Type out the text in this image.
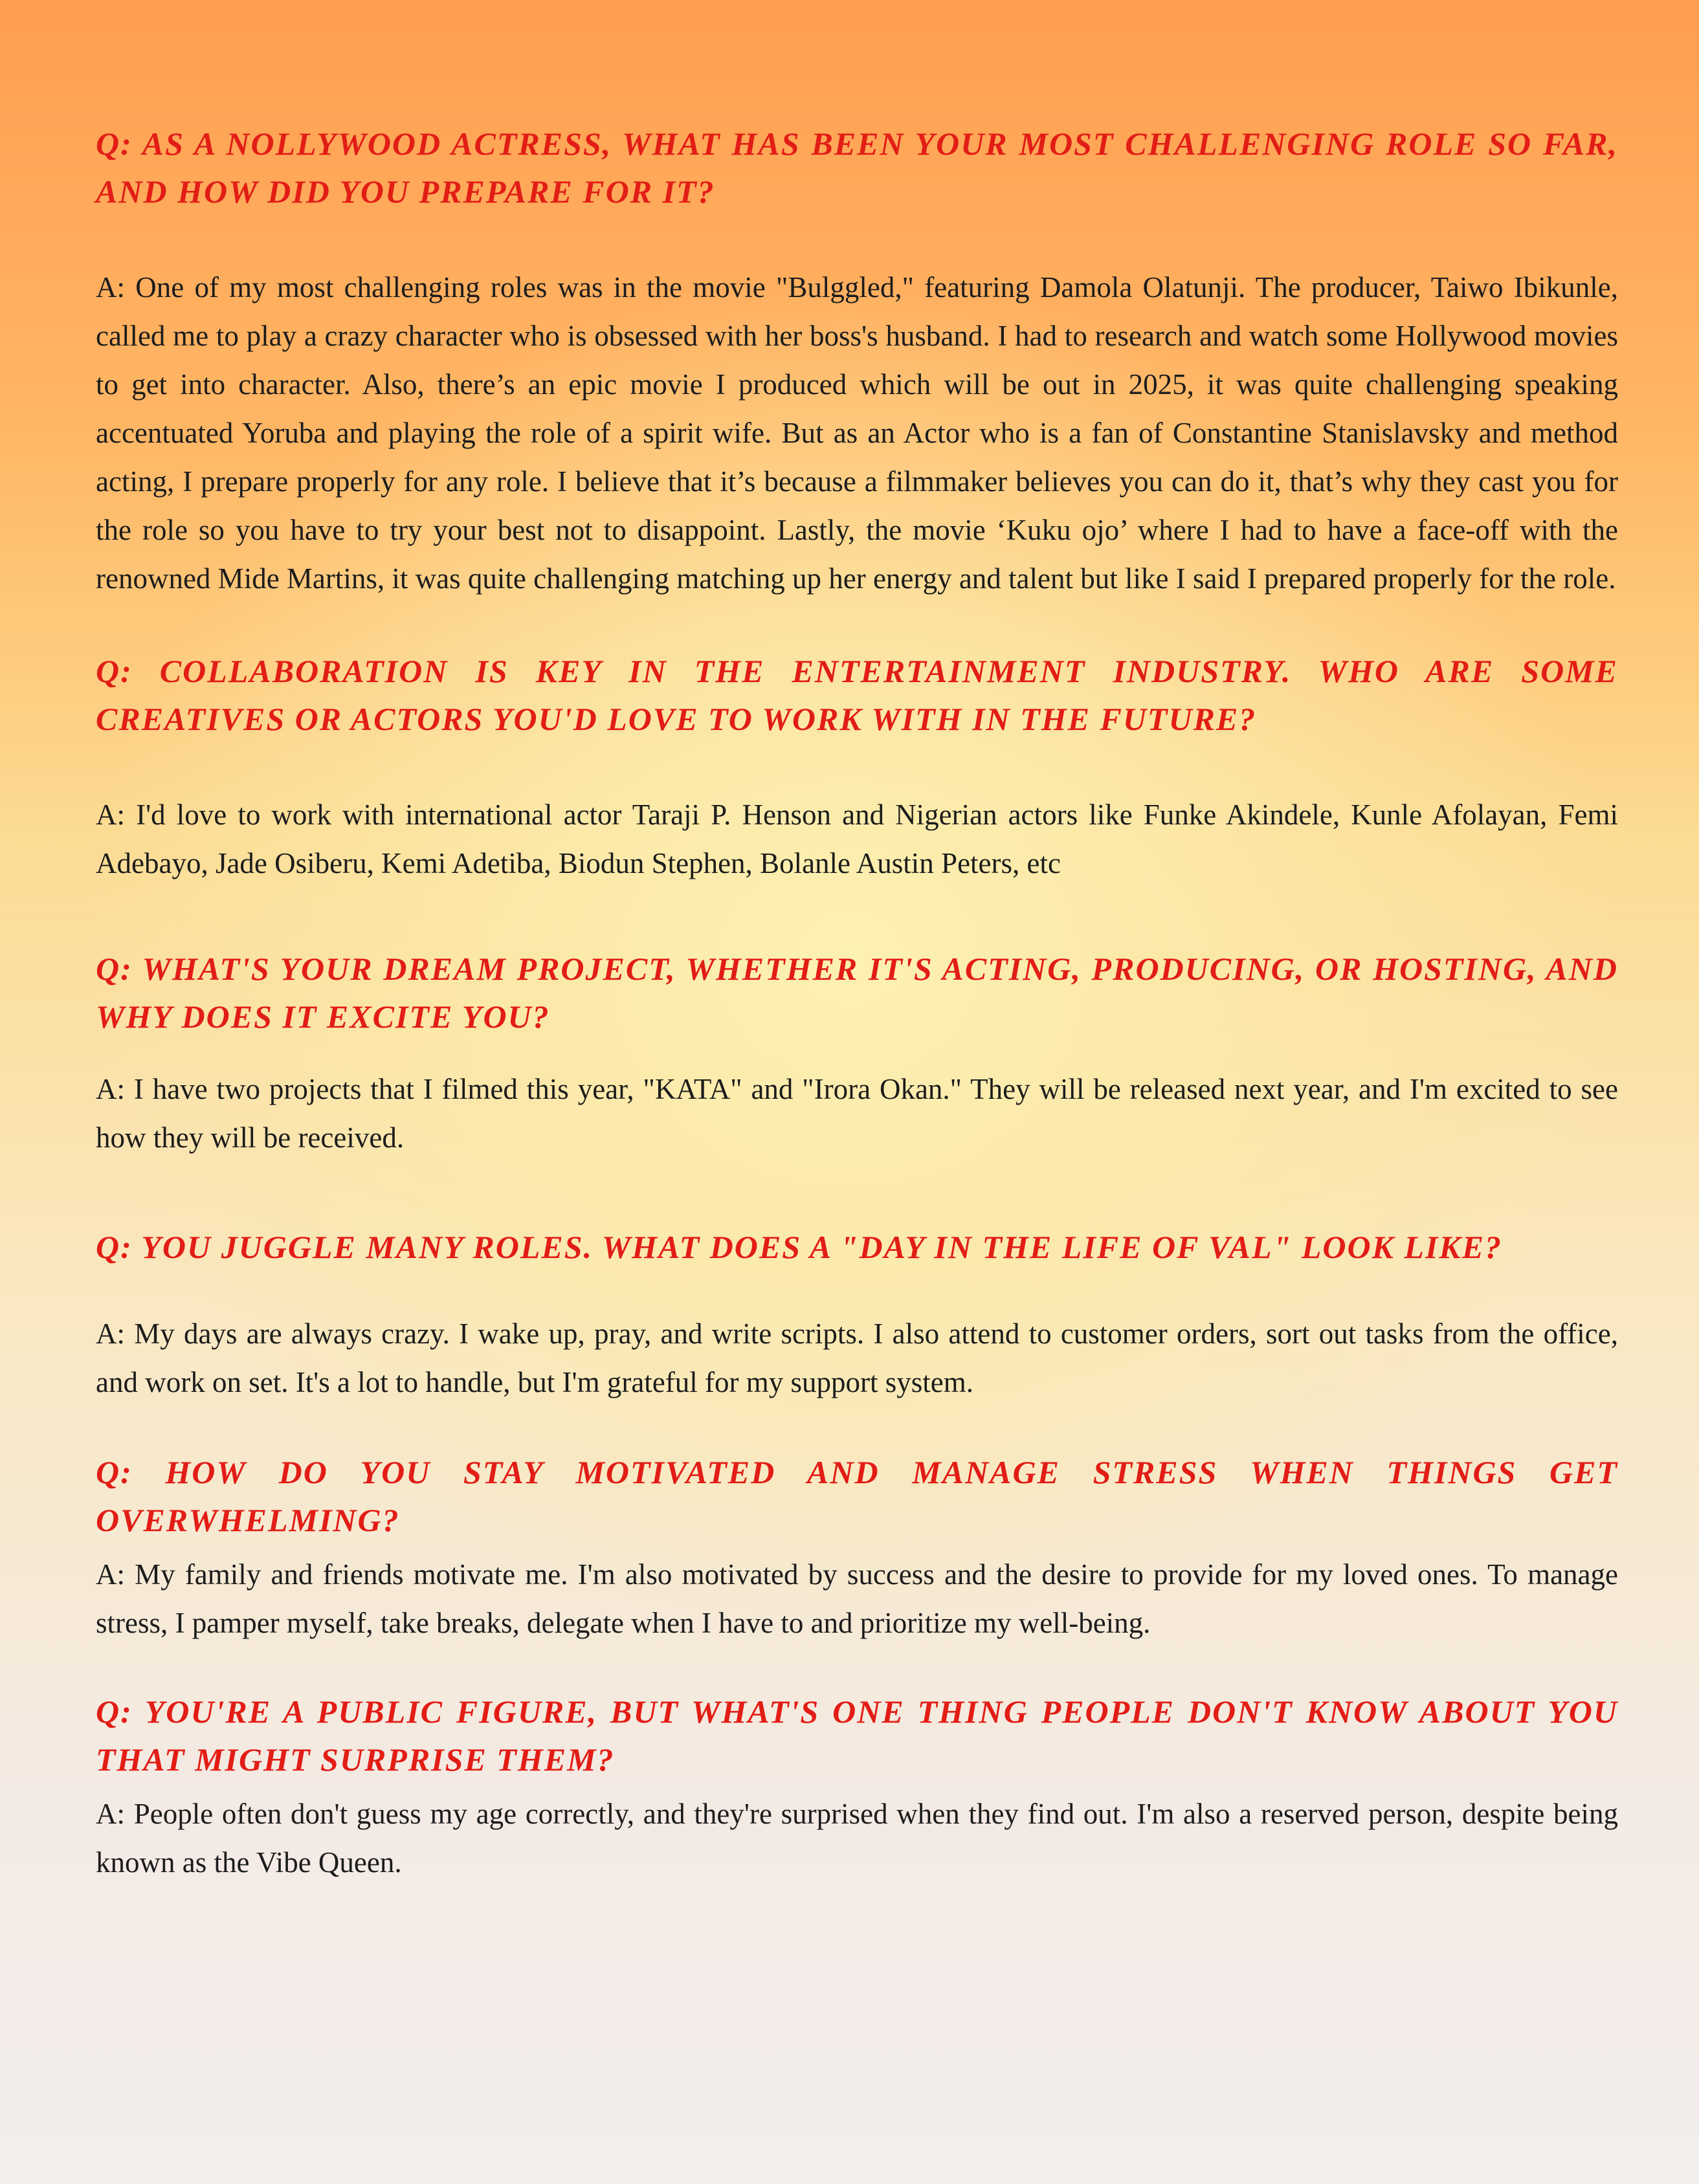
Q: AS A NOLLYWOOD ACTRESS, WHAT HAS BEEN YOUR MOST CHALLENGING ROLE SO FAR, AND HOW DID YOU PREPARE FOR IT?

A: One of my most challenging roles was in the movie "Bulggled," featuring Damola Olatunji. The producer, Taiwo Ibikunle, called me to play a crazy character who is obsessed with her boss's husband. I had to research and watch some Hollywood movies to get into character. Also, there’s an epic movie I produced which will be out in 2025, it was quite challenging speaking accentuated Yoruba and playing the role of a spirit wife. But as an Actor who is a fan of Constantine Stanislavsky and method acting, I prepare properly for any role. I believe that it’s because a filmmaker believes you can do it, that’s why they cast you for the role so you have to try your best not to disappoint. Lastly, the movie ‘Kuku ojo’ where I had to have a face-off with the renowned Mide Martins, it was quite challenging matching up her energy and talent but like I said I prepared properly for the role.

Q: COLLABORATION IS KEY IN THE ENTERTAINMENT INDUSTRY. WHO ARE SOME CREATIVES OR ACTORS YOU'D LOVE TO WORK WITH IN THE FUTURE?

A: I'd love to work with international actor Taraji P. Henson and Nigerian actors like Funke Akindele, Kunle Afolayan, Femi Adebayo, Jade Osiberu, Kemi Adetiba, Biodun Stephen, Bolanle Austin Peters, etc

Q: WHAT'S YOUR DREAM PROJECT, WHETHER IT'S ACTING, PRODUCING, OR HOSTING, AND WHY DOES IT EXCITE YOU?

A: I have two projects that I filmed this year, "KATA" and "Irora Okan." They will be released next year, and I'm excited to see how they will be received.

Q: YOU JUGGLE MANY ROLES. WHAT DOES A "DAY IN THE LIFE OF VAL" LOOK LIKE?

A: My days are always crazy. I wake up, pray, and write scripts. I also attend to customer orders, sort out tasks from the office, and work on set. It's a lot to handle, but I'm grateful for my support system.

Q: HOW DO YOU STAY MOTIVATED AND MANAGE STRESS WHEN THINGS GET OVERWHELMING?

A: My family and friends motivate me. I'm also motivated by success and the desire to provide for my loved ones. To manage stress, I pamper myself, take breaks, delegate when I have to and prioritize my well-being.

Q: YOU'RE A PUBLIC FIGURE, BUT WHAT'S ONE THING PEOPLE DON'T KNOW ABOUT YOU THAT MIGHT SURPRISE THEM?

A: People often don't guess my age correctly, and they're surprised when they find out. I'm also a reserved person, despite being known as the Vibe Queen.
